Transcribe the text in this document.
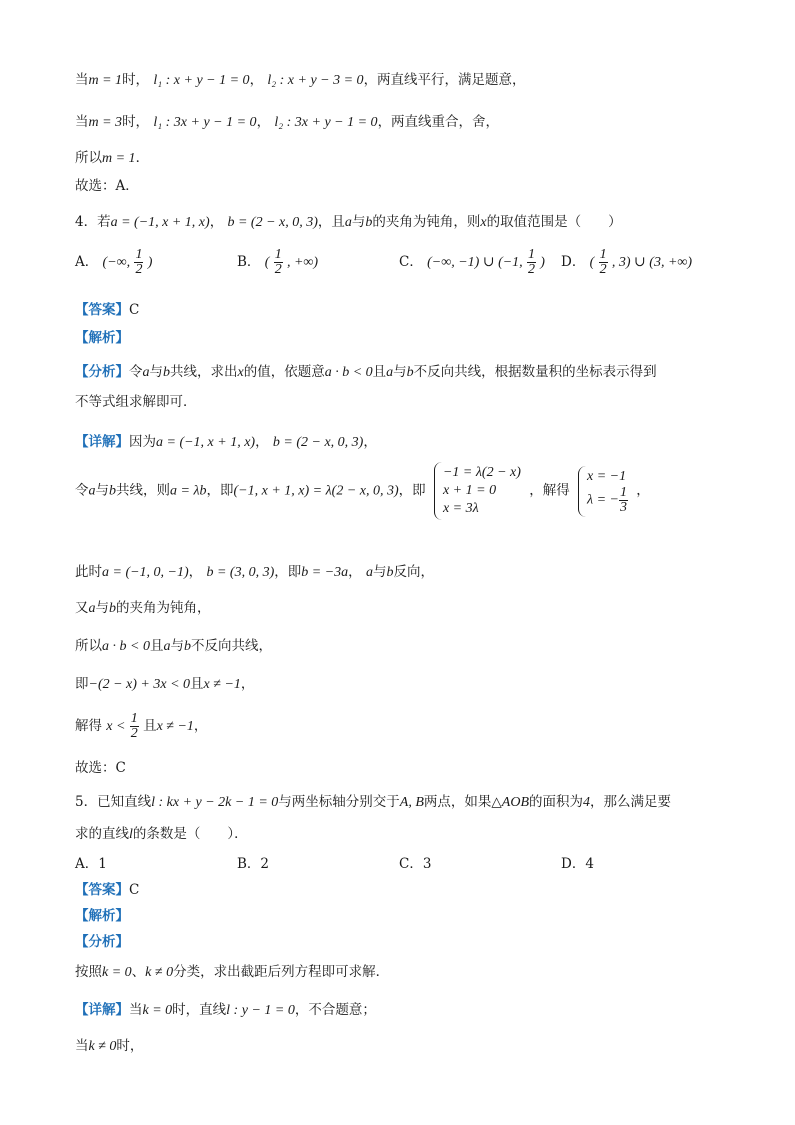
当m = 1时， l₁ : x + y − 1 = 0， l₂ : x + y − 3 = 0，两直线平行，满足题意，
当m = 3时， l₁ : 3x + y − 1 = 0， l₂ : 3x + y − 1 = 0，两直线重合，舍，
所以m = 1．
故选：A．
4．若a = (−1, x + 1, x)， b = (2 − x, 0, 3)，且a与b的夹角为钝角，则x的取值范围是（　　）
A． (−∞, $\frac{1}{2}$ )	B． ( $\frac{1}{2}$ , +∞)	C． (−∞, −1) ∪ (−1, $\frac{1}{2}$ ) D． ( $\frac{1}{2}$ , 3) ∪ (3, +∞)
【答案】C
【解析】
【分析】令a与b共线，求出x的值，依题意a · b < 0且a与b不反向共线，根据数量积的坐标表示得到
不等式组求解即可．
【详解】因为a = (−1, x + 1, x)， b = (2 − x, 0, 3)，
令a与b共线，则a = λb，即(−1, x + 1, x) = λ(2 − x, 0, 3)，即
−1 = λ(2 − x)
x + 1 = 0
x = 3λ
，解得
x = −1
λ = − $\frac{1}{3}$ ，
此时a = (−1, 0, −1)， b = (3, 0, 3)，即b = −3a， a与b反向，
又a与b的夹角为钝角，
所以a · b < 0且a与b不反向共线，
即−(2 − x) + 3x < 0且x ≠ −1，
解得 $x < \frac{1}{2}$ 且x ≠ −1，
故选：C
5．已知直线l : kx + y − 2k − 1 = 0与两坐标轴分别交于A, B两点，如果△AOB的面积为4，那么满足要
求的直线l的条数是（　　）．
A．1	B．2	C．3	D．4
【答案】C
【解析】
【分析】
按照k = 0、k ≠ 0分类，求出截距后列方程即可求解．
【详解】当k = 0时，直线l : y − 1 = 0，不合题意；
当k ≠ 0时，
